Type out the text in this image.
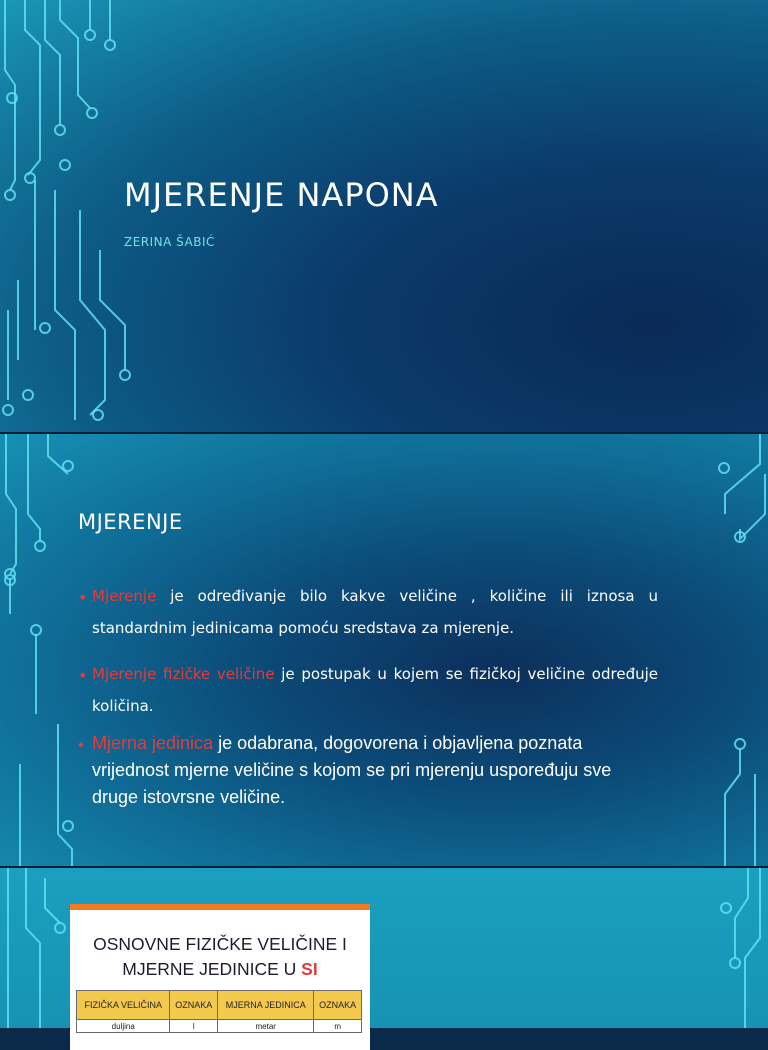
MJERENJE NAPONA
ZERINA ŠABIĆ
MJERENJE
• Mjerenje je određivanje bilo kakve veličine , količine ili iznosa u standardnim jedinicama pomoću sredstava za mjerenje.
• Mjerenje fizičke veličine je postupak u kojem se fizičkoj veličine određuje količina.
• Mjerna jedinica je odabrana, dogovorena i objavljena poznata vrijednost mjerne veličine s kojom se pri mjerenju uspoređuju sve druge istovrsne veličine.
OSNOVNE FIZIČKE VELIČINE I
MJERNE JEDINICE U SI
FIZIČKA VELIČINA	OZNAKA	MJERNA JEDINICA	OZNAKA
duljina	l	metar	m
